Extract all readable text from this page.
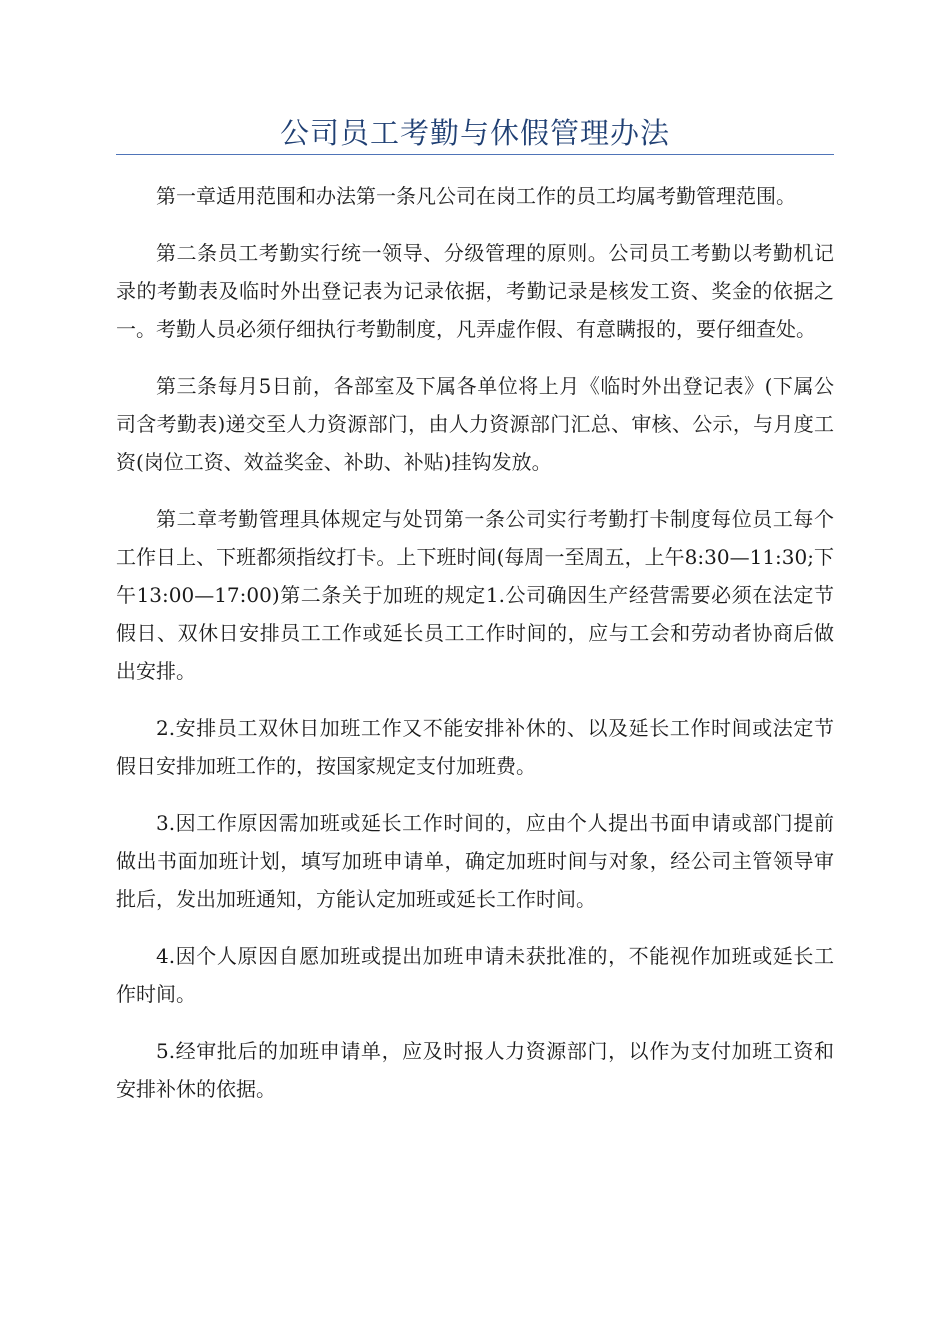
公司员工考勤与休假管理办法

第一章适用范围和办法第一条凡公司在岗工作的员工均属考勤管理范围。

第二条员工考勤实行统一领导、分级管理的原则。公司员工考勤以考勤机记录的考勤表及临时外出登记表为记录依据，考勤记录是核发工资、奖金的依据之一。考勤人员必须仔细执行考勤制度，凡弄虚作假、有意瞒报的，要仔细查处。

第三条每月5日前，各部室及下属各单位将上月《临时外出登记表》(下属公司含考勤表)递交至人力资源部门，由人力资源部门汇总、审核、公示，与月度工资(岗位工资、效益奖金、补助、补贴)挂钩发放。

第二章考勤管理具体规定与处罚第一条公司实行考勤打卡制度每位员工每个工作日上、下班都须指纹打卡。上下班时间(每周一至周五，上午8:30—11:30;下午13:00—17:00)第二条关于加班的规定1.公司确因生产经营需要必须在法定节假日、双休日安排员工工作或延长员工工作时间的，应与工会和劳动者协商后做出安排。

2.安排员工双休日加班工作又不能安排补休的、以及延长工作时间或法定节假日安排加班工作的，按国家规定支付加班费。

3.因工作原因需加班或延长工作时间的，应由个人提出书面申请或部门提前做出书面加班计划，填写加班申请单，确定加班时间与对象，经公司主管领导审批后，发出加班通知，方能认定加班或延长工作时间。

4.因个人原因自愿加班或提出加班申请未获批准的，不能视作加班或延长工作时间。

5.经审批后的加班申请单，应及时报人力资源部门，以作为支付加班工资和安排补休的依据。
